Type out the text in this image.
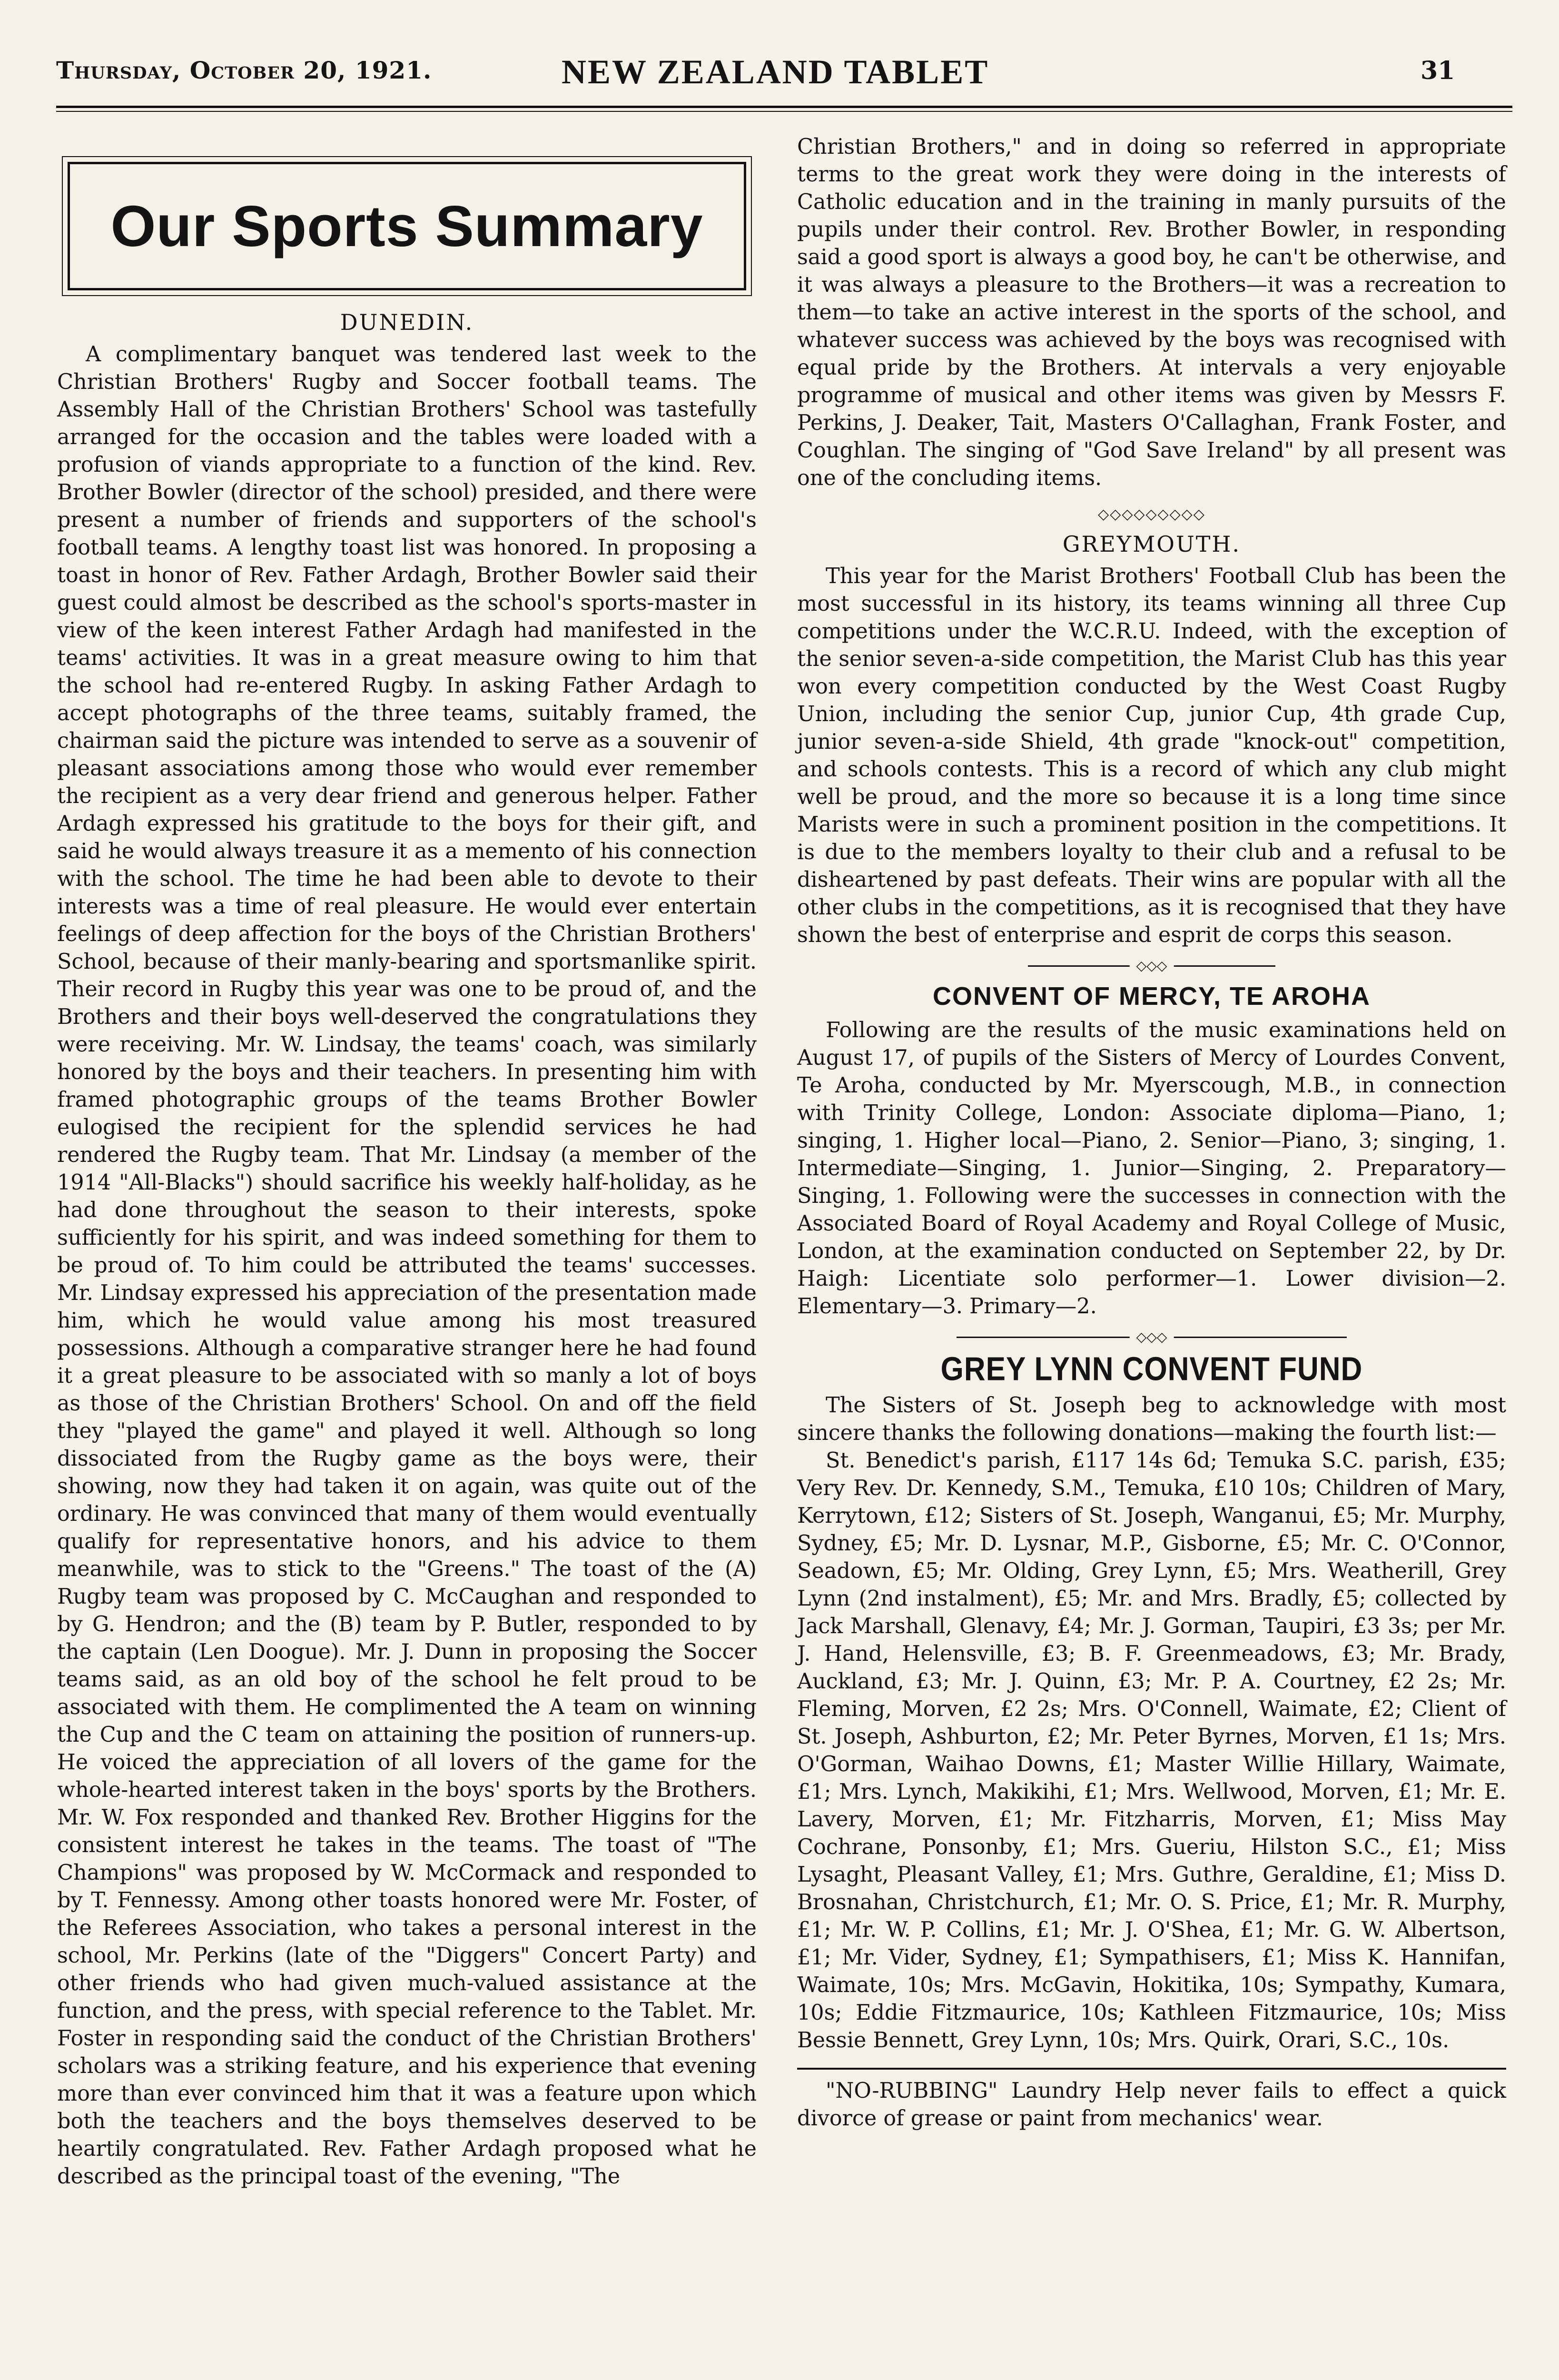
Thursday, October 20, 1921.	NEW ZEALAND TABLET	31
Our Sports Summary
DUNEDIN.

A complimentary banquet was tendered last week to the Christian Brothers' Rugby and Soccer football teams. The Assembly Hall of the Christian Brothers' School was tastefully arranged for the occasion and the tables were loaded with a profusion of viands appropriate to a function of the kind. Rev. Brother Bowler (director of the school) presided, and there were present a number of friends and supporters of the school's football teams. A lengthy toast list was honored. In proposing a toast in honor of Rev. Father Ardagh, Brother Bowler said their guest could almost be described as the school's sports-master in view of the keen interest Father Ardagh had manifested in the teams' activities. It was in a great measure owing to him that the school had re-entered Rugby. In asking Father Ardagh to accept photographs of the three teams, suitably framed, the chairman said the picture was intended to serve as a souvenir of pleasant associations among those who would ever remember the recipient as a very dear friend and generous helper. Father Ardagh expressed his gratitude to the boys for their gift, and said he would always treasure it as a memento of his connection with the school. The time he had been able to devote to their interests was a time of real pleasure. He would ever entertain feelings of deep affection for the boys of the Christian Brothers' School, because of their manly-bearing and sportsmanlike spirit. Their record in Rugby this year was one to be proud of, and the Brothers and their boys well-deserved the congratulations they were receiving. Mr. W. Lindsay, the teams' coach, was similarly honored by the boys and their teachers. In presenting him with framed photographic groups of the teams Brother Bowler eulogised the recipient for the splendid services he had rendered the Rugby team. That Mr. Lindsay (a member of the 1914 "All-Blacks") should sacrifice his weekly half-holiday, as he had done throughout the season to their interests, spoke sufficiently for his spirit, and was indeed something for them to be proud of. To him could be attributed the teams' successes. Mr. Lindsay expressed his appreciation of the presentation made him, which he would value among his most treasured possessions. Although a comparative stranger here he had found it a great pleasure to be associated with so manly a lot of boys as those of the Christian Brothers' School. On and off the field they "played the game" and played it well. Although so long dissociated from the Rugby game as the boys were, their showing, now they had taken it on again, was quite out of the ordinary. He was convinced that many of them would eventually qualify for representative honors, and his advice to them meanwhile, was to stick to the "Greens." The toast of the (A) Rugby team was proposed by C. McCaughan and responded to by G. Hendron; and the (B) team by P. Butler, responded to by the captain (Len Doogue). Mr. J. Dunn in proposing the Soccer teams said, as an old boy of the school he felt proud to be associated with them. He complimented the A team on winning the Cup and the C team on attaining the position of runners-up. He voiced the appreciation of all lovers of the game for the whole-hearted interest taken in the boys' sports by the Brothers. Mr. W. Fox responded and thanked Rev. Brother Higgins for the consistent interest he takes in the teams. The toast of "The Champions" was proposed by W. McCormack and responded to by T. Fennessy. Among other toasts honored were Mr. Foster, of the Referees Association, who takes a personal interest in the school, Mr. Perkins (late of the "Diggers" Concert Party) and other friends who had given much-valued assistance at the function, and the press, with special reference to the Tablet. Mr. Foster in responding said the conduct of the Christian Brothers' scholars was a striking feature, and his experience that evening more than ever convinced him that it was a feature upon which both the teachers and the boys themselves deserved to be heartily congratulated. Rev. Father Ardagh proposed what he described as the principal toast of the evening, "The

Christian Brothers," and in doing so referred in appropriate terms to the great work they were doing in the interests of Catholic education and in the training in manly pursuits of the pupils under their control. Rev. Brother Bowler, in responding said a good sport is always a good boy, he can't be otherwise, and it was always a pleasure to the Brothers—it was a recreation to them—to take an active interest in the sports of the school, and whatever success was achieved by the boys was recognised with equal pride by the Brothers. At intervals a very enjoyable programme of musical and other items was given by Messrs F. Perkins, J. Deaker, Tait, Masters O'Callaghan, Frank Foster, and Coughlan. The singing of "God Save Ireland" by all present was one of the concluding items.

◇◇◇◇◇◇◇◇◇
GREYMOUTH.

This year for the Marist Brothers' Football Club has been the most successful in its history, its teams winning all three Cup competitions under the W.C.R.U. Indeed, with the exception of the senior seven-a-side competition, the Marist Club has this year won every competition conducted by the West Coast Rugby Union, including the senior Cup, junior Cup, 4th grade Cup, junior seven-a-side Shield, 4th grade "knock-out" competition, and schools contests. This is a record of which any club might well be proud, and the more so because it is a long time since Marists were in such a prominent position in the competitions. It is due to the members loyalty to their club and a refusal to be disheartened by past defeats. Their wins are popular with all the other clubs in the competitions, as it is recognised that they have shown the best of enterprise and esprit de corps this season.

◇◇◇
CONVENT OF MERCY, TE AROHA

Following are the results of the music examinations held on August 17, of pupils of the Sisters of Mercy of Lourdes Convent, Te Aroha, conducted by Mr. Myerscough, M.B., in connection with Trinity College, London: Associate diploma—Piano, 1; singing, 1. Higher local—Piano, 2. Senior—Piano, 3; singing, 1. Intermediate—Singing, 1. Junior—Singing, 2. Preparatory—Singing, 1. Following were the successes in connection with the Associated Board of Royal Academy and Royal College of Music, London, at the examination conducted on September 22, by Dr. Haigh: Licentiate solo performer—1. Lower division—2. Elementary—3. Primary—2.

◇◇◇
GREY LYNN CONVENT FUND

The Sisters of St. Joseph beg to acknowledge with most sincere thanks the following donations—making the fourth list:—

St. Benedict's parish, £117 14s 6d; Temuka S.C. parish, £35; Very Rev. Dr. Kennedy, S.M., Temuka, £10 10s; Children of Mary, Kerrytown, £12; Sisters of St. Joseph, Wanganui, £5; Mr. Murphy, Sydney, £5; Mr. D. Lysnar, M.P., Gisborne, £5; Mr. C. O'Connor, Seadown, £5; Mr. Olding, Grey Lynn, £5; Mrs. Weatherill, Grey Lynn (2nd instalment), £5; Mr. and Mrs. Bradly, £5; collected by Jack Marshall, Glenavy, £4; Mr. J. Gorman, Taupiri, £3 3s; per Mr. J. Hand, Helensville, £3; B. F. Greenmeadows, £3; Mr. Brady, Auckland, £3; Mr. J. Quinn, £3; Mr. P. A. Courtney, £2 2s; Mr. Fleming, Morven, £2 2s; Mrs. O'Connell, Waimate, £2; Client of St. Joseph, Ashburton, £2; Mr. Peter Byrnes, Morven, £1 1s; Mrs. O'Gorman, Waihao Downs, £1; Master Willie Hillary, Waimate, £1; Mrs. Lynch, Makikihi, £1; Mrs. Wellwood, Morven, £1; Mr. E. Lavery, Morven, £1; Mr. Fitzharris, Morven, £1; Miss May Cochrane, Ponsonby, £1; Mrs. Gueriu, Hilston S.C., £1; Miss Lysaght, Pleasant Valley, £1; Mrs. Guthre, Geraldine, £1; Miss D. Brosnahan, Christchurch, £1; Mr. O. S. Price, £1; Mr. R. Murphy, £1; Mr. W. P. Collins, £1; Mr. J. O'Shea, £1; Mr. G. W. Albertson, £1; Mr. Vider, Sydney, £1; Sympathisers, £1; Miss K. Hannifan, Waimate, 10s; Mrs. McGavin, Hokitika, 10s; Sympathy, Kumara, 10s; Eddie Fitzmaurice, 10s; Kathleen Fitzmaurice, 10s; Miss Bessie Bennett, Grey Lynn, 10s; Mrs. Quirk, Orari, S.C., 10s.

"NO-RUBBING" Laundry Help never fails to effect a quick divorce of grease or paint from mechanics' wear.
